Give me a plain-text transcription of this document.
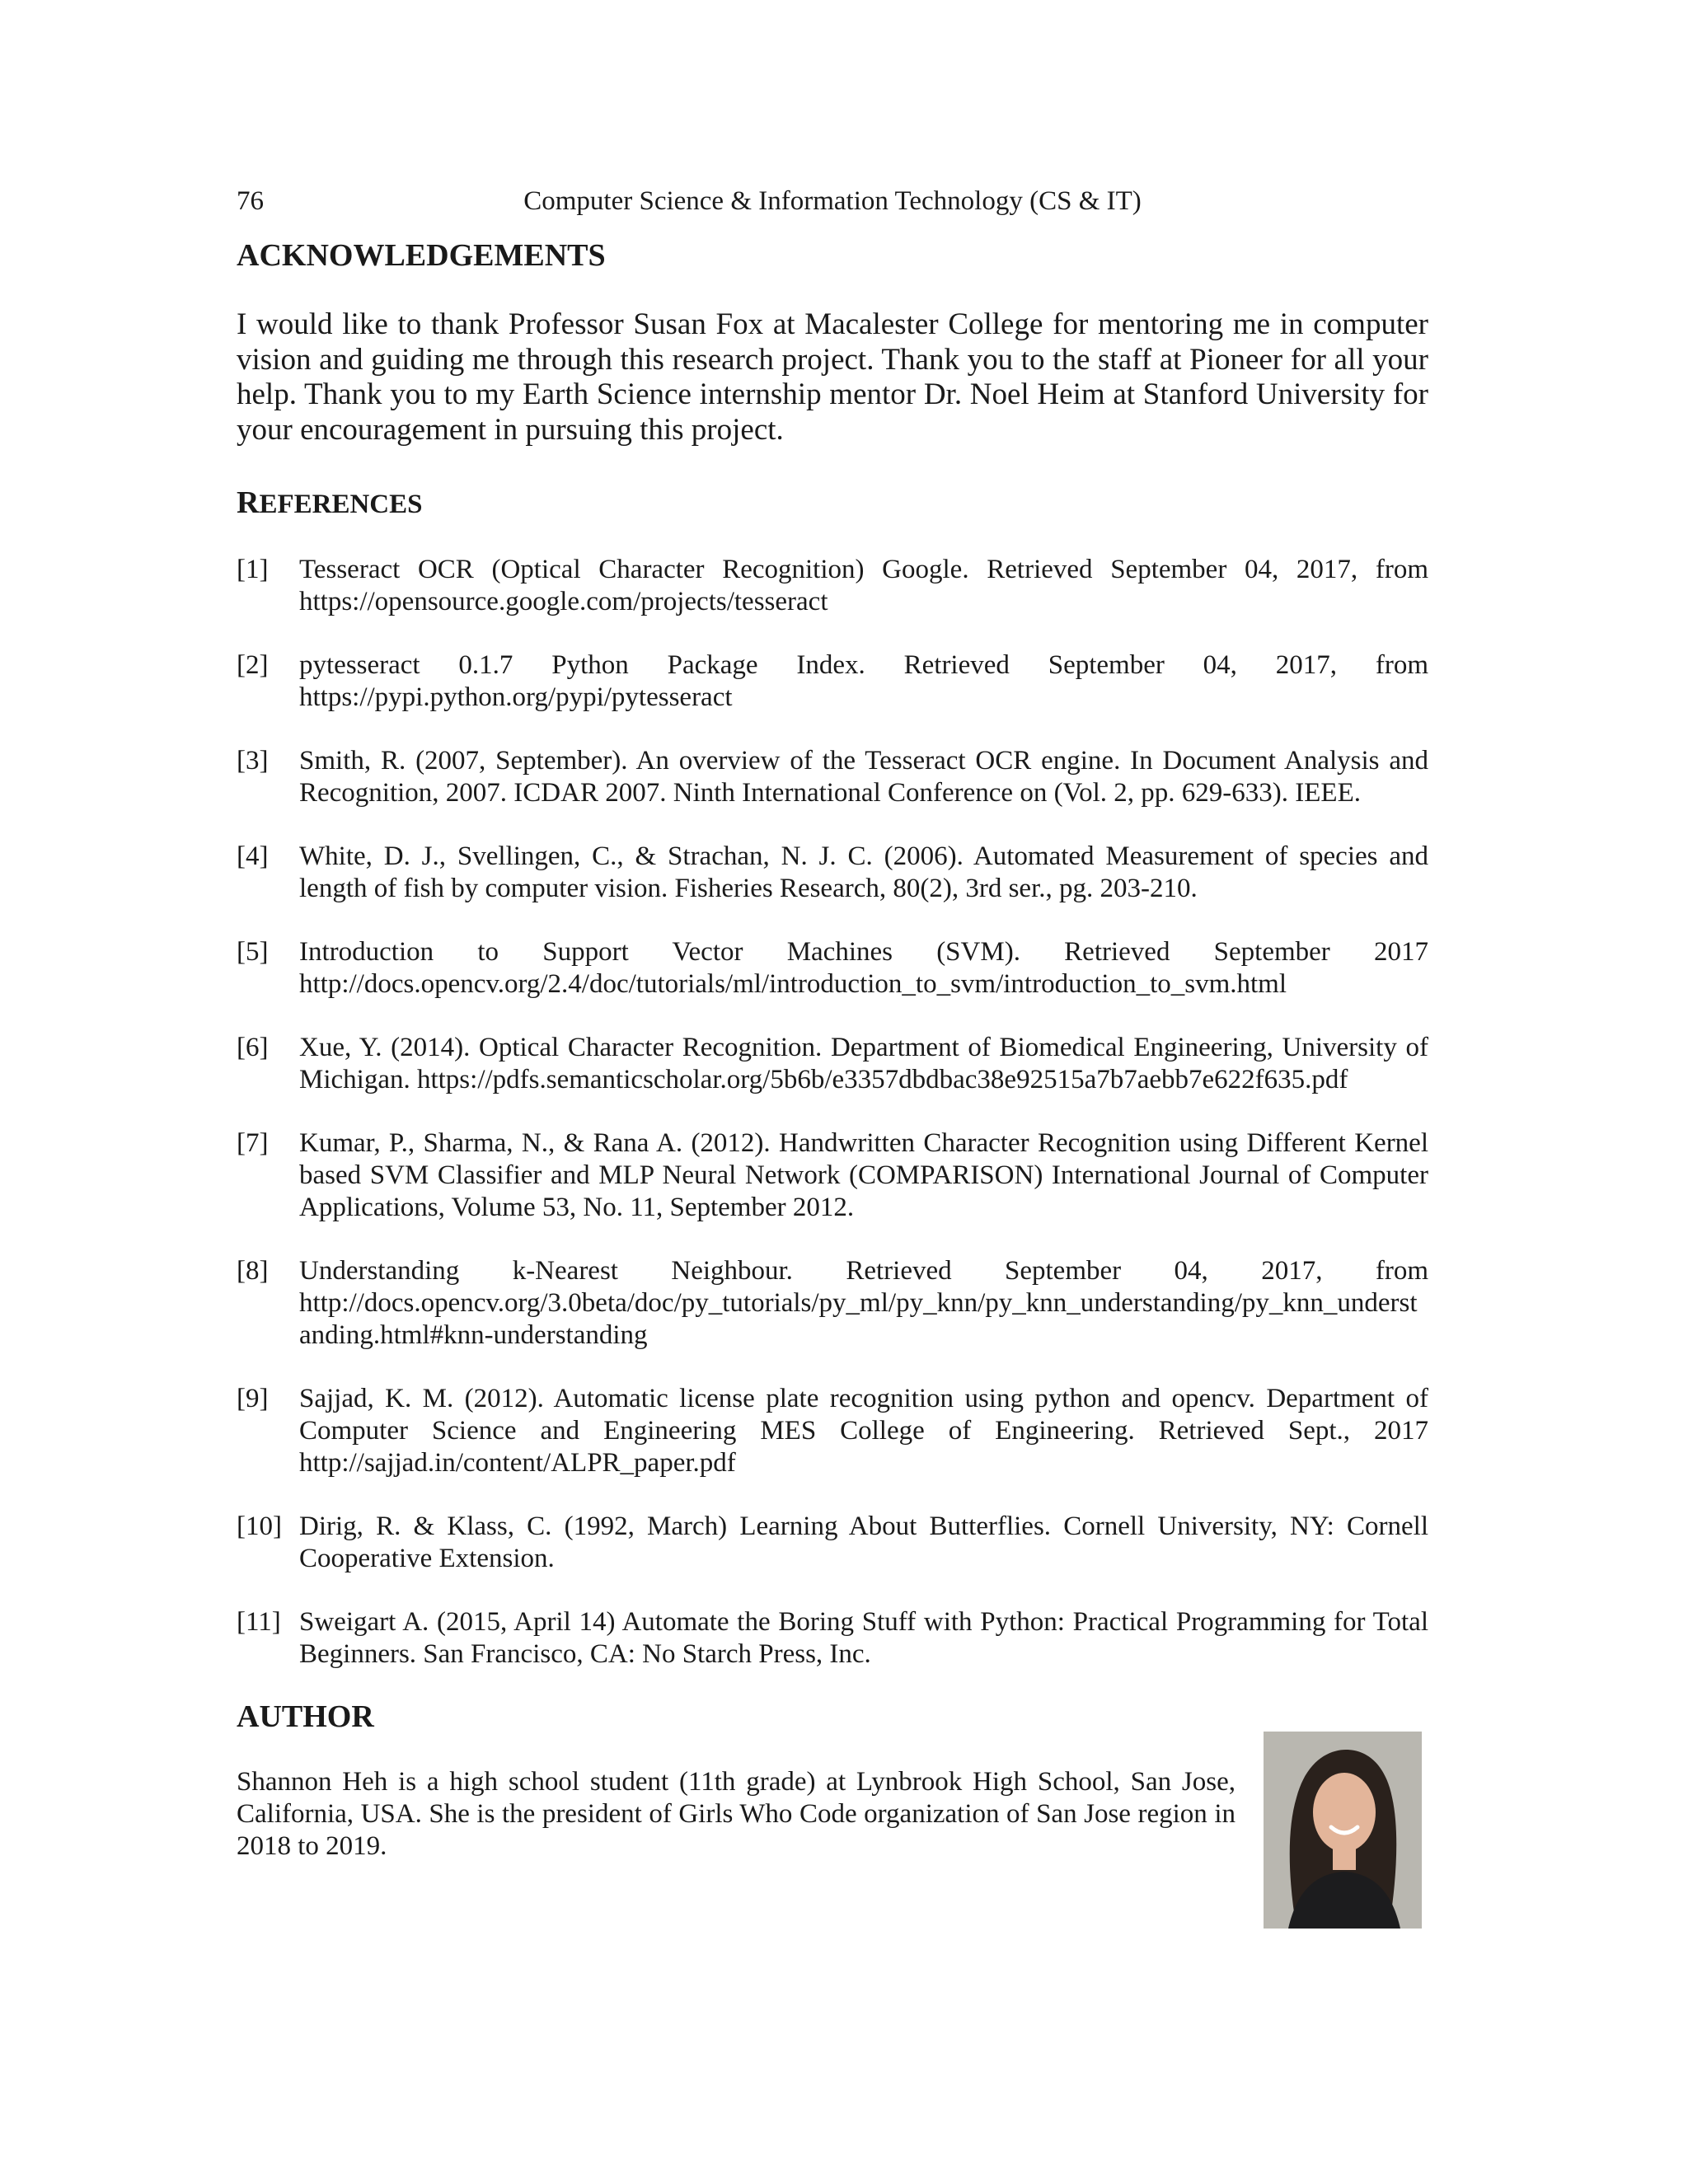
76	Computer Science & Information Technology (CS & IT)
ACKNOWLEDGEMENTS

I would like to thank Professor Susan Fox at Macalester College for mentoring me in computer vision and guiding me through this research project. Thank you to the staff at Pioneer for all your help. Thank you to my Earth Science internship mentor Dr. Noel Heim at Stanford University for your encouragement in pursuing this project.

REFERENCES
[1] Tesseract OCR (Optical Character Recognition) Google. Retrieved September 04, 2017, from https://opensource.google.com/projects/tesseract
[2] pytesseract 0.1.7 Python Package Index. Retrieved September 04, 2017, from https://pypi.python.org/pypi/pytesseract
[3] Smith, R. (2007, September). An overview of the Tesseract OCR engine. In Document Analysis and Recognition, 2007. ICDAR 2007. Ninth International Conference on (Vol. 2, pp. 629-633). IEEE.
[4] White, D. J., Svellingen, C., & Strachan, N. J. C. (2006). Automated Measurement of species and length of fish by computer vision. Fisheries Research, 80(2), 3rd ser., pg. 203-210.
[5] Introduction to Support Vector Machines (SVM). Retrieved September 2017 http://docs.opencv.org/2.4/doc/tutorials/ml/introduction_to_svm/introduction_to_svm.html
[6] Xue, Y. (2014). Optical Character Recognition. Department of Biomedical Engineering, University of Michigan. https://pdfs.semanticscholar.org/5b6b/e3357dbdbac38e92515a7b7aebb7e622f635.pdf
[7] Kumar, P., Sharma, N., & Rana A. (2012). Handwritten Character Recognition using Different Kernel based SVM Classifier and MLP Neural Network (COMPARISON) International Journal of Computer Applications, Volume 53, No. 11, September 2012.
[8] Understanding k-Nearest Neighbour. Retrieved September 04, 2017, from http://docs.opencv.org/3.0beta/doc/py_tutorials/py_ml/py_knn/py_knn_understanding/py_knn_understanding.html#knn-understanding
[9] Sajjad, K. M. (2012). Automatic license plate recognition using python and opencv. Department of Computer Science and Engineering MES College of Engineering. Retrieved Sept., 2017 http://sajjad.in/content/ALPR_paper.pdf
[10] Dirig, R. & Klass, C. (1992, March) Learning About Butterflies. Cornell University, NY: Cornell Cooperative Extension.
[11] Sweigart A. (2015, April 14) Automate the Boring Stuff with Python: Practical Programming for Total Beginners. San Francisco, CA: No Starch Press, Inc.
AUTHOR

Shannon Heh is a high school student (11th grade) at Lynbrook High School, San Jose, California, USA. She is the president of Girls Who Code organization of San Jose region in 2018 to 2019.
